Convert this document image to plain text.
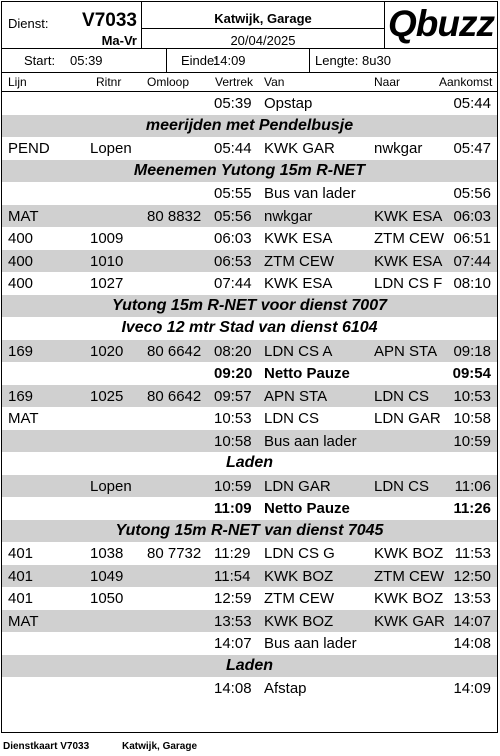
Dienst: V7033
Ma-Vr
Katwijk, Garage
20/04/2025	Qbuzz
Start: 05:39	Einde:
14:09	Lengte: 8u30
Lijn	Ritnr Omloop Vertrek Van	Naar	Aankomst
05:39 Opstap	05:44
meerijden met Pendelbusje
PEND	Lopen	05:44 KWK GAR	nwkgar 05:47
Meenemen Yutong 15m R-NET
05:55 Bus van lader	05:56
MAT	80 8832 05:56 nwkgar	KWK ESA 06:03
400	1009	06:03 KWK ESA	ZTM CEW 06:51
400	1010	06:53 ZTM CEW	KWK ESA 07:44
400	1027	07:44 KWK ESA	LDN CS F 08:10
Yutong 15m R-NET voor dienst 7007
Iveco 12 mtr Stad van dienst 6104
169	1020 80 6642 08:20 LDN CS A	APN STA 09:18
09:20 Netto Pauze	09:54
169	1025 80 6642 09:57 APN STA	LDN CS 10:53
MAT	10:53 LDN CS	LDN GAR 10:58
10:58 Bus aan lader	10:59
Laden
Lopen	10:59 LDN GAR	LDN CS 11:06
11:09 Netto Pauze	11:26
Yutong 15m R-NET van dienst 7045
401	1038 80 7732 11:29 LDN CS G	KWK BOZ 11:53
401	1049	11:54 KWK BOZ	ZTM CEW 12:50
401	1050	12:59 ZTM CEW	KWK BOZ 13:53
MAT	13:53 KWK BOZ	KWK GAR 14:07
14:07 Bus aan lader	14:08
Laden
14:08 Afstap	14:09
Dienstkaart V7033	Katwijk, Garage
